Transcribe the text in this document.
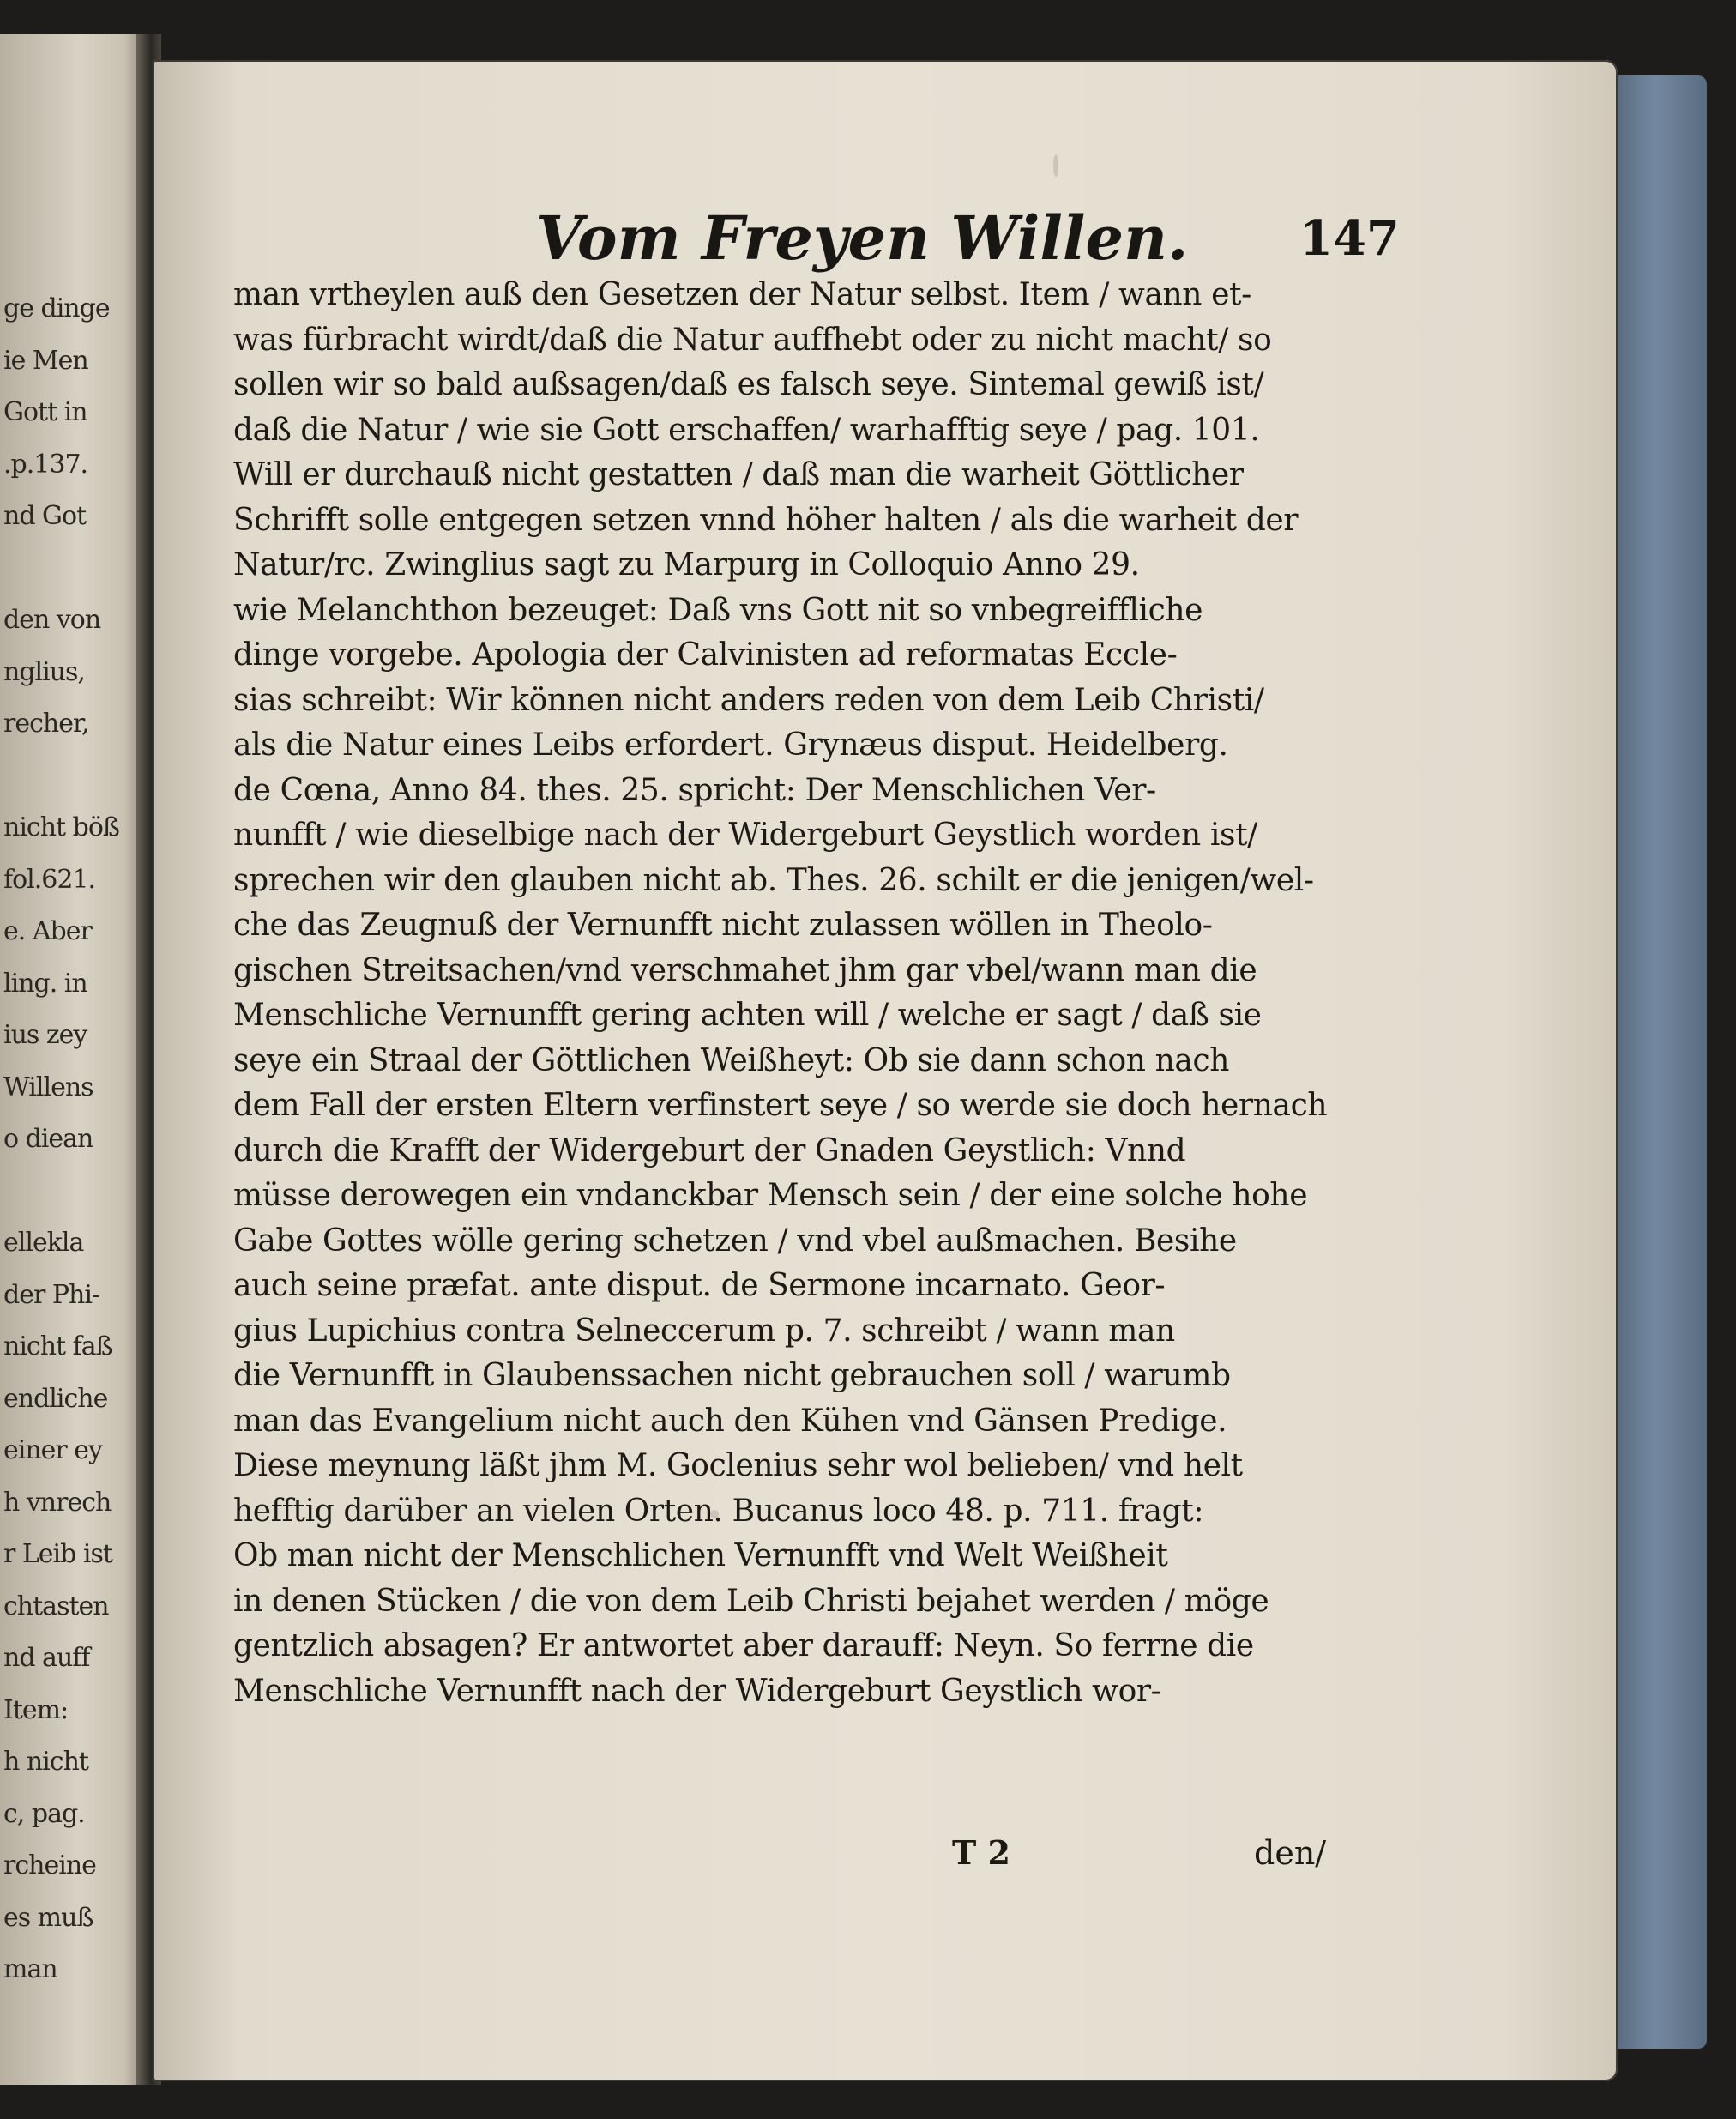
ge dinge
ie Men
Gott in
.p.137.
nd Got
den von
nglius,
recher,
nicht böß
fol.621.
e. Aber
ling. in
ius zey
Willens
o diean
ellekla
der Phi-
nicht faß
endliche
einer ey
h vnrech
r Leib ist
chtasten
nd auff
Item:
h nicht
c, pag.
rcheine
es muß
man
Vom Freyen Willen. 147
man vrtheylen auß den Gesetzen der Natur selbst. Item / wann et-
was fürbracht wirdt/daß die Natur auffhebt oder zu nicht macht/ so
sollen wir so bald außsagen/daß es falsch seye. Sintemal gewiß ist/
daß die Natur / wie sie Gott erschaffen/ warhafftig seye / pag. 101.
Will er durchauß nicht gestatten / daß man die warheit Göttlicher
Schrifft solle entgegen setzen vnnd höher halten / als die warheit der
Natur/rc. Zwinglius sagt zu Marpurg in Colloquio Anno 29.
wie Melanchthon bezeuget: Daß vns Gott nit so vnbegreiffliche
dinge vorgebe. Apologia der Calvinisten ad reformatas Eccle-
sias schreibt: Wir können nicht anders reden von dem Leib Christi/
als die Natur eines Leibs erfordert. Grynæus disput. Heidelberg.
de Cœna, Anno 84. thes. 25. spricht: Der Menschlichen Ver-
nunfft / wie dieselbige nach der Widergeburt Geystlich worden ist/
sprechen wir den glauben nicht ab. Thes. 26. schilt er die jenigen/wel-
che das Zeugnuß der Vernunfft nicht zulassen wöllen in Theolo-
gischen Streitsachen/vnd verschmahet jhm gar vbel/wann man die
Menschliche Vernunfft gering achten will / welche er sagt / daß sie
seye ein Straal der Göttlichen Weißheyt: Ob sie dann schon nach
dem Fall der ersten Eltern verfinstert seye / so werde sie doch hernach
durch die Krafft der Widergeburt der Gnaden Geystlich: Vnnd
müsse derowegen ein vndanckbar Mensch sein / der eine solche hohe
Gabe Gottes wölle gering schetzen / vnd vbel außmachen. Besihe
auch seine præfat. ante disput. de Sermone incarnato. Geor-
gius Lupichius contra Selneccerum p. 7. schreibt / wann man
die Vernunfft in Glaubenssachen nicht gebrauchen soll / warumb
man das Evangelium nicht auch den Kühen vnd Gänsen Predige.
Diese meynung läßt jhm M. Goclenius sehr wol belieben/ vnd helt
hefftig darüber an vielen Orten. Bucanus loco 48. p. 711. fragt:
Ob man nicht der Menschlichen Vernunfft vnd Welt Weißheit
in denen Stücken / die von dem Leib Christi bejahet werden / möge
gentzlich absagen? Er antwortet aber darauff: Neyn. So ferrne die
Menschliche Vernunfft nach der Widergeburt Geystlich wor-
T 2	den/
